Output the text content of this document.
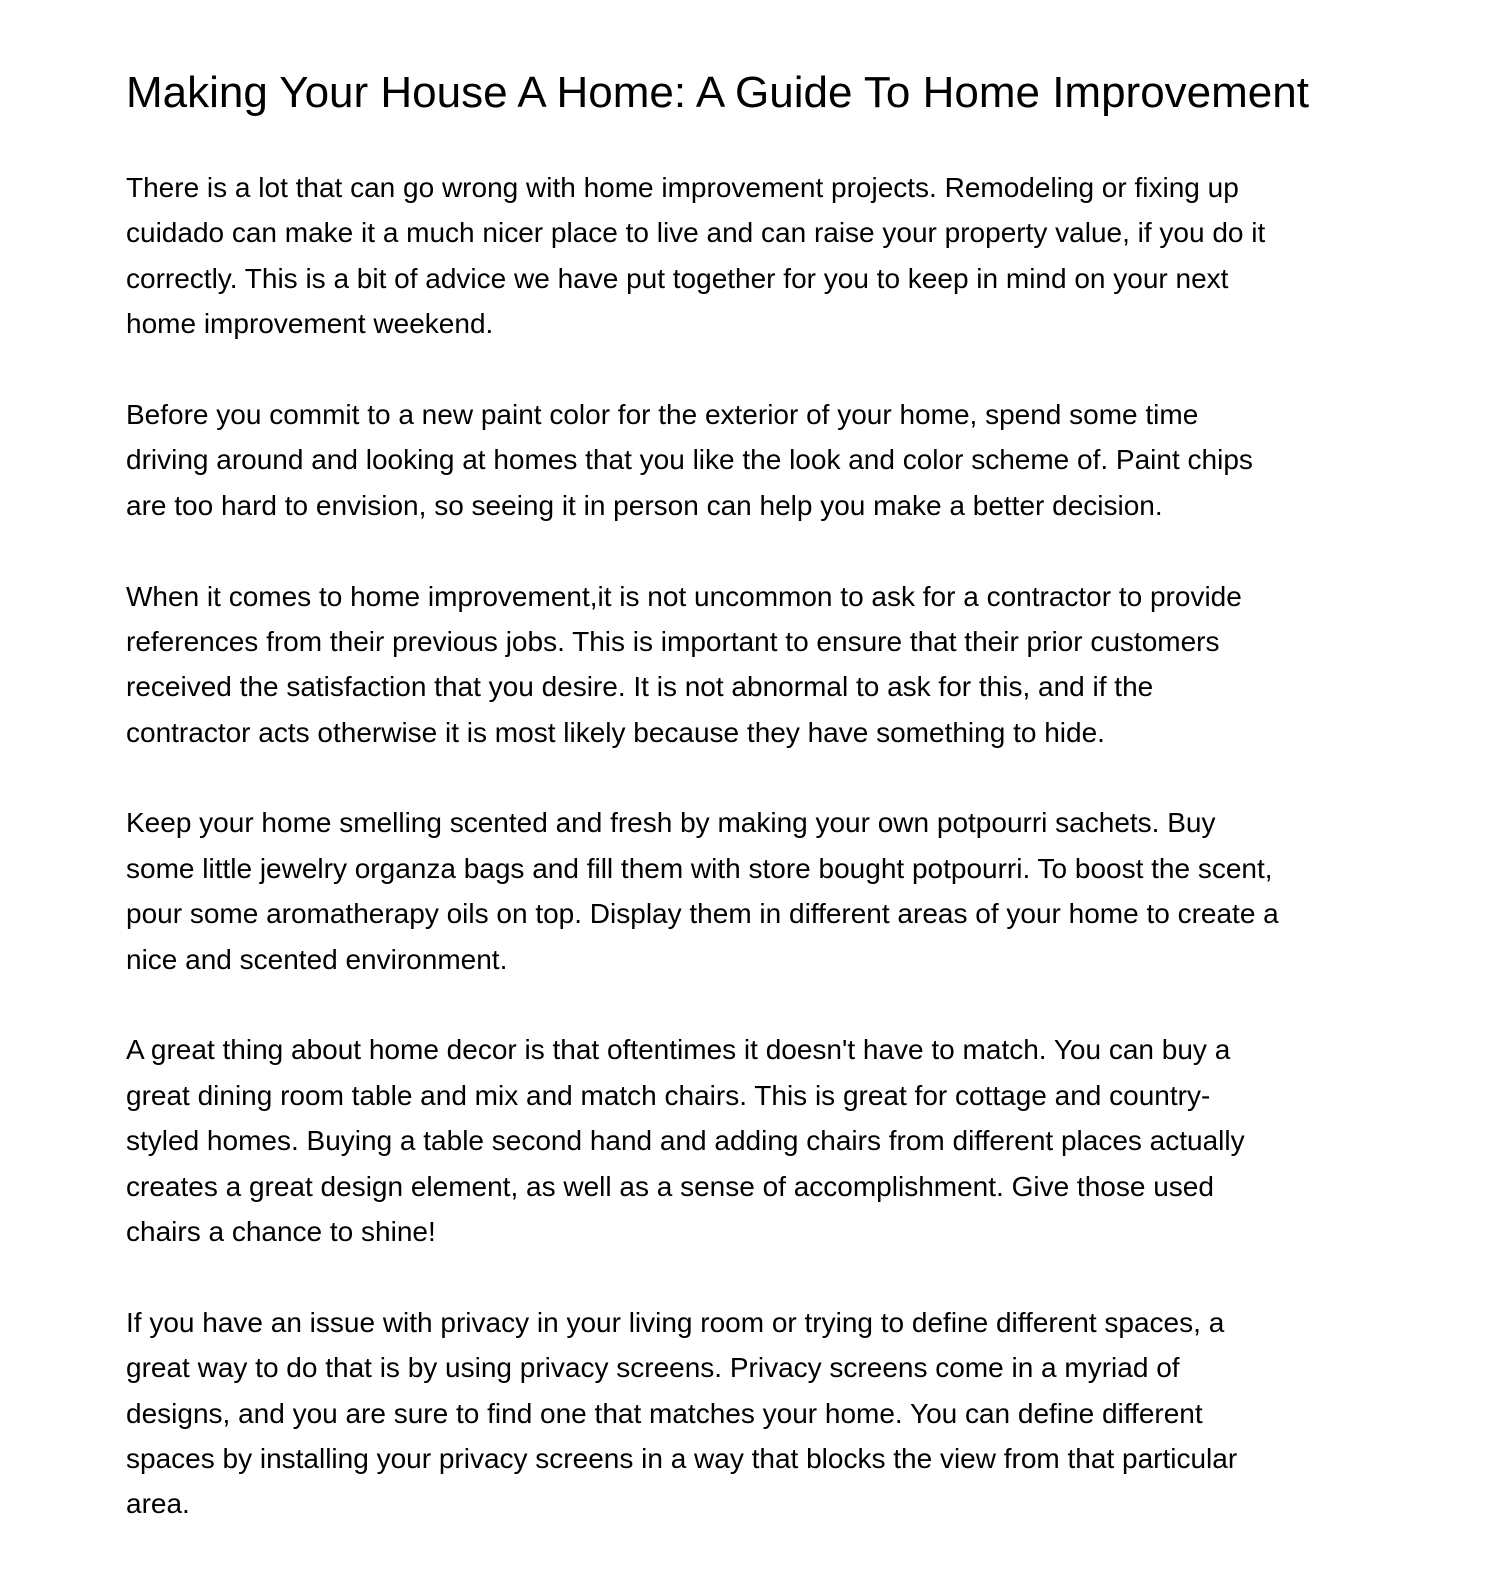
Making Your House A Home: A Guide To Home Improvement

There is a lot that can go wrong with home improvement projects. Remodeling or fixing up
cuidado can make it a much nicer place to live and can raise your property value, if you do it
correctly. This is a bit of advice we have put together for you to keep in mind on your next
home improvement weekend.

Before you commit to a new paint color for the exterior of your home, spend some time
driving around and looking at homes that you like the look and color scheme of. Paint chips
are too hard to envision, so seeing it in person can help you make a better decision.

When it comes to home improvement,it is not uncommon to ask for a contractor to provide
references from their previous jobs. This is important to ensure that their prior customers
received the satisfaction that you desire. It is not abnormal to ask for this, and if the
contractor acts otherwise it is most likely because they have something to hide.

Keep your home smelling scented and fresh by making your own potpourri sachets. Buy
some little jewelry organza bags and fill them with store bought potpourri. To boost the scent,
pour some aromatherapy oils on top. Display them in different areas of your home to create a
nice and scented environment.

A great thing about home decor is that oftentimes it doesn't have to match. You can buy a
great dining room table and mix and match chairs. This is great for cottage and country-
styled homes. Buying a table second hand and adding chairs from different places actually
creates a great design element, as well as a sense of accomplishment. Give those used
chairs a chance to shine!

If you have an issue with privacy in your living room or trying to define different spaces, a
great way to do that is by using privacy screens. Privacy screens come in a myriad of
designs, and you are sure to find one that matches your home. You can define different
spaces by installing your privacy screens in a way that blocks the view from that particular
area.
